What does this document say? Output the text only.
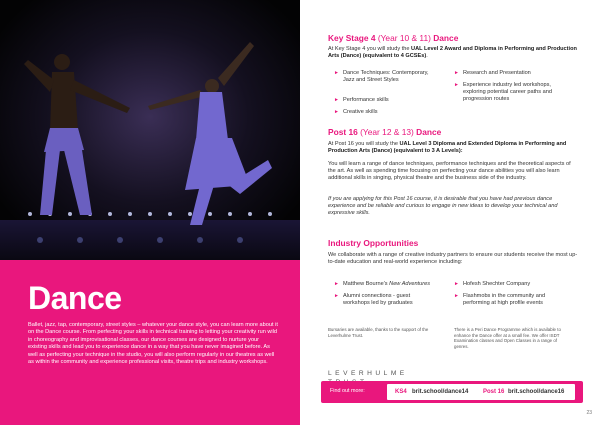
Dance
Ballet, jazz, tap, contemporary, street styles – whatever your dance style, you can learn more about it on the Dance course. From perfecting your skills in technical training to letting your creativity run wild in choreography and improvisational classes, our dance courses are designed to nurture your existing skills and lead you to experience dance in a way that you have never imagined before. As well as perfecting your technique in the studio, you will also perform regularly in our theatres as well as within the community and experience professional visits, theatre trips and industry workshops.
Key Stage 4 (Year 10 & 11) Dance
At Key Stage 4 you will study the UAL Level 2 Award and Diploma in Performing and Production Arts (Dance) (equivalent to 4 GCSEs).
► Dance Techniques: Contemporary, Jazz and Street Styles
► Performance skills
► Creative skills
► Research and Presentation
► Experience industry led workshops, exploring potential career paths and progression routes
Post 16 (Year 12 & 13) Dance
At Post 16 you will study the UAL Level 3 Diploma and Extended Diploma in Performing and Production Arts (Dance) (equivalent to 3 A Levels):
You will learn a range of dance techniques, performance techniques and the theoretical aspects of the art. As well as spending time focusing on perfecting your dance abilities you will also learn additional skills in singing, physical theatre and the business side of the industry.
If you are applying for this Post 16 course, it is desirable that you have had previous dance experience and be reliable and curious to engage in new ideas to develop your technical and expressive skills.
Industry Opportunities
We collaborate with a range of creative industry partners to ensure our students receive the most up-to-date education and real-world experience including:
► Matthew Bourne's New Adventures
► Alumni connections - guest workshops led by graduates
► Hofesh Shechter Company
► Flashmobs in the community and performing at high profile events
Bursaries are available, thanks to the support of the Leverhulme Trust.
LEVERHULME
There is a Peri Dance Programme which is available to enhance the Dance offer at a small fee. We offer ISDT Examination classes and Open Classes in a range of genres.
Find out more:	KS4 brit.school/dance14 Post 16 brit.school/dance16
23
